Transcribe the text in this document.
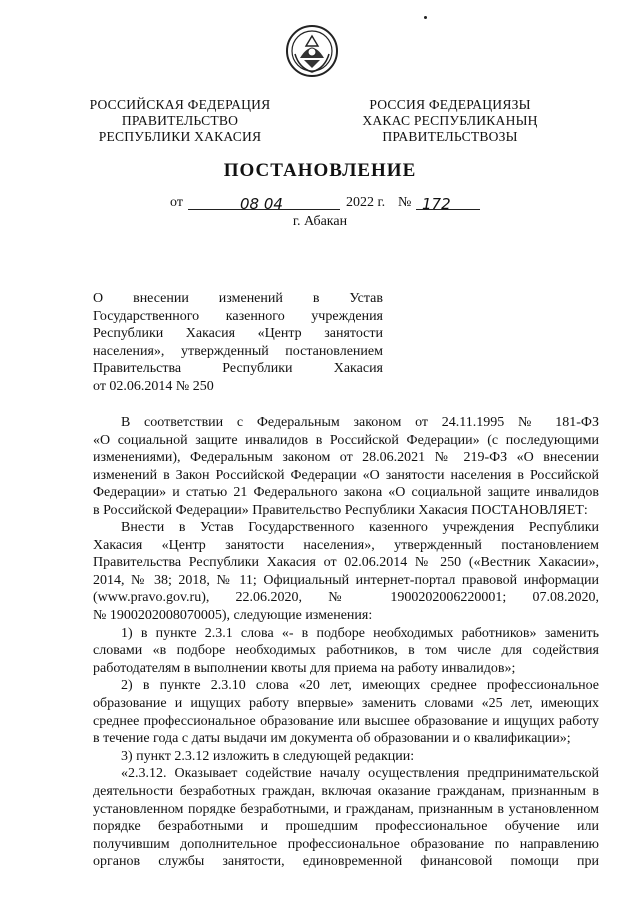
РОССИЙСКАЯ ФЕДЕРАЦИЯ
ПРАВИТЕЛЬСТВО
РЕСПУБЛИКИ ХАКАСИЯ
РОССИЯ ФЕДЕРАЦИЯЗЫ
ХАКАС РЕСПУБЛИКАНЫҢ
ПРАВИТЕЛЬСТВОЗЫ
ПОСТАНОВЛЕНИЕ
от	08 04	2022 г. № 172
г. Абакан
О внесении изменений в Устав
Государственного казенного учреждения
Республики Хакасия «Центр занятости
населения», утвержденный постановлением
Правительства Республики Хакасия
от 02.06.2014 № 250
В соответствии с Федеральным законом от 24.11.1995 № 181-ФЗ
«О социальной защите инвалидов в Российской Федерации» (с последующими
изменениями), Федеральным законом от 28.06.2021 № 219-ФЗ «О внесении
изменений в Закон Российской Федерации «О занятости населения в Российской
Федерации» и статью 21 Федерального закона «О социальной защите инвалидов
в Российской Федерации» Правительство Республики Хакасия ПОСТАНОВЛЯЕТ:
Внести в Устав Государственного казенного учреждения Республики
Хакасия «Центр занятости населения», утвержденный постановлением
Правительства Республики Хакасия от 02.06.2014 № 250 («Вестник Хакасии»,
2014, № 38; 2018, № 11; Официальный интернет-портал правовой информации
(www.pravo.gov.ru), 22.06.2020, № 1900202006220001; 07.08.2020,
№ 1900202008070005), следующие изменения:
1) в пункте 2.3.1 слова «- в подборе необходимых работников» заменить
словами «в подборе необходимых работников, в том числе для содействия
работодателям в выполнении квоты для приема на работу инвалидов»;
2) в пункте 2.3.10 слова «20 лет, имеющих среднее профессиональное
образование и ищущих работу впервые» заменить словами «25 лет, имеющих
среднее профессиональное образование или высшее образование и ищущих работу
в течение года с даты выдачи им документа об образовании и о квалификации»;
3) пункт 2.3.12 изложить в следующей редакции:
«2.3.12. Оказывает содействие началу осуществления предпринимательской
деятельности безработных граждан, включая оказание гражданам, признанным в
установленном порядке безработными, и гражданам, признанным в установленном
порядке безработными и прошедшим профессиональное обучение или
получившим дополнительное профессиональное образование по направлению
органов службы занятости, единовременной финансовой помощи при
